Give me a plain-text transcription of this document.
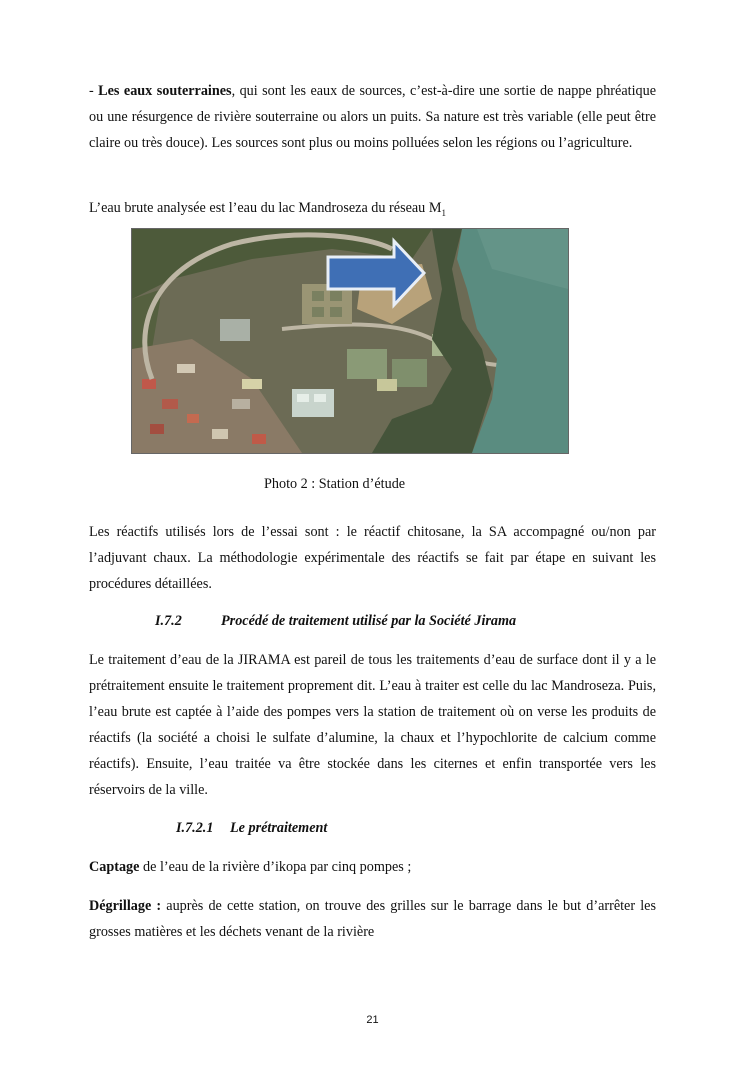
- Les eaux souterraines, qui sont les eaux de sources, c’est-à-dire une sortie de nappe phréatique ou une résurgence de rivière souterraine ou alors un puits. Sa nature est très variable (elle peut être claire ou très douce). Les sources sont plus ou moins polluées selon les régions ou l’agriculture.

L’eau brute analysée est l’eau du lac Mandroseza du réseau $M_1$

Photo 2 : Station d’étude

Les réactifs utilisés lors de l’essai sont : le réactif chitosane, la SA accompagné ou/non par l’adjuvant chaux. La méthodologie expérimentale des réactifs se fait par étape en suivant les procédures détaillées.

I.7.2	Procédé de traitement utilisé par la Société Jirama

Le traitement d’eau de la JIRAMA est pareil de tous les traitements d’eau de surface dont il y a le prétraitement ensuite le traitement proprement dit. L’eau à traiter est celle du lac Mandroseza. Puis, l’eau brute est captée à l’aide des pompes vers la station de traitement où on verse les produits de réactifs (la société a choisi le sulfate d’alumine, la chaux et l’hypochlorite de calcium comme réactifs). Ensuite, l’eau traitée va être stockée dans les citernes et enfin transportée vers les réservoirs de la ville.

I.7.2.1 Le prétraitement

Captage de l’eau de la rivière d’ikopa par cinq pompes ;

Dégrillage : auprès de cette station, on trouve des grilles sur le barrage dans le but d’arrêter les grosses matières et les déchets venant de la rivière

21
